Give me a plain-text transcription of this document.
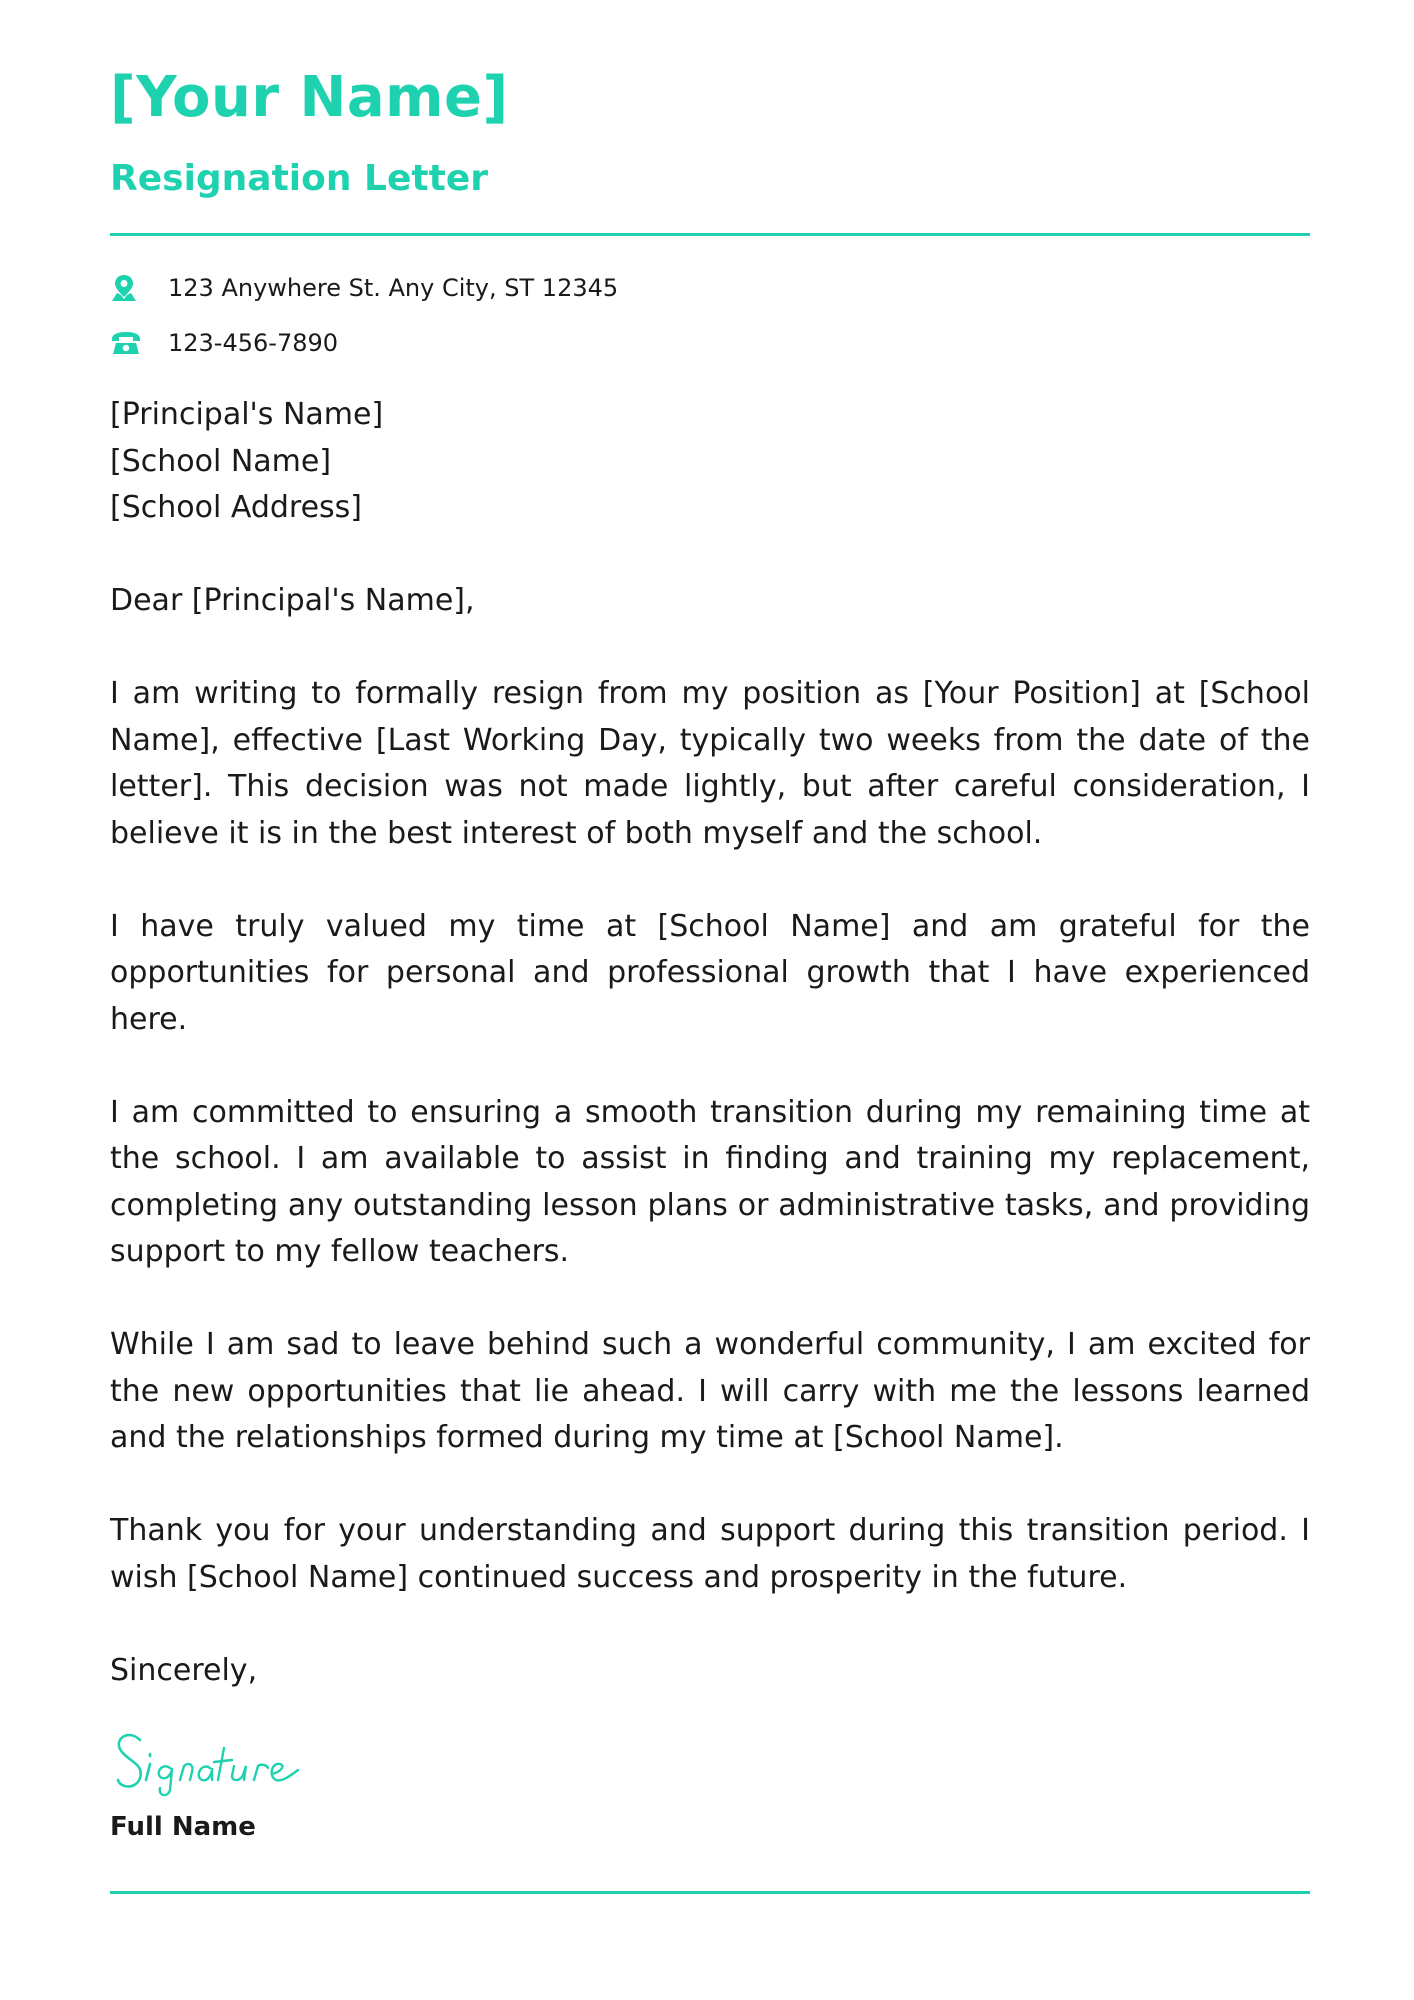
[Your Name]
Resignation Letter
123 Anywhere St. Any City, ST 12345
123-456-7890

[Principal's Name]
[School Name]
[School Address]

Dear [Principal's Name],

I am writing to formally resign from my position as [Your Position] at [School Name], effective [Last Working Day, typically two weeks from the date of the letter]. This decision was not made lightly, but after careful consideration, I believe it is in the best interest of both myself and the school.

I have truly valued my time at [School Name] and am grateful for the opportunities for personal and professional growth that I have experienced here.

I am committed to ensuring a smooth transition during my remaining time at the school. I am available to assist in finding and training my replacement, completing any outstanding lesson plans or administrative tasks, and providing support to my fellow teachers.

While I am sad to leave behind such a wonderful community, I am excited for the new opportunities that lie ahead. I will carry with me the lessons learned and the relationships formed during my time at [School Name].

Thank you for your understanding and support during this transition period. I wish [School Name] continued success and prosperity in the future.

Sincerely,

Full Name
